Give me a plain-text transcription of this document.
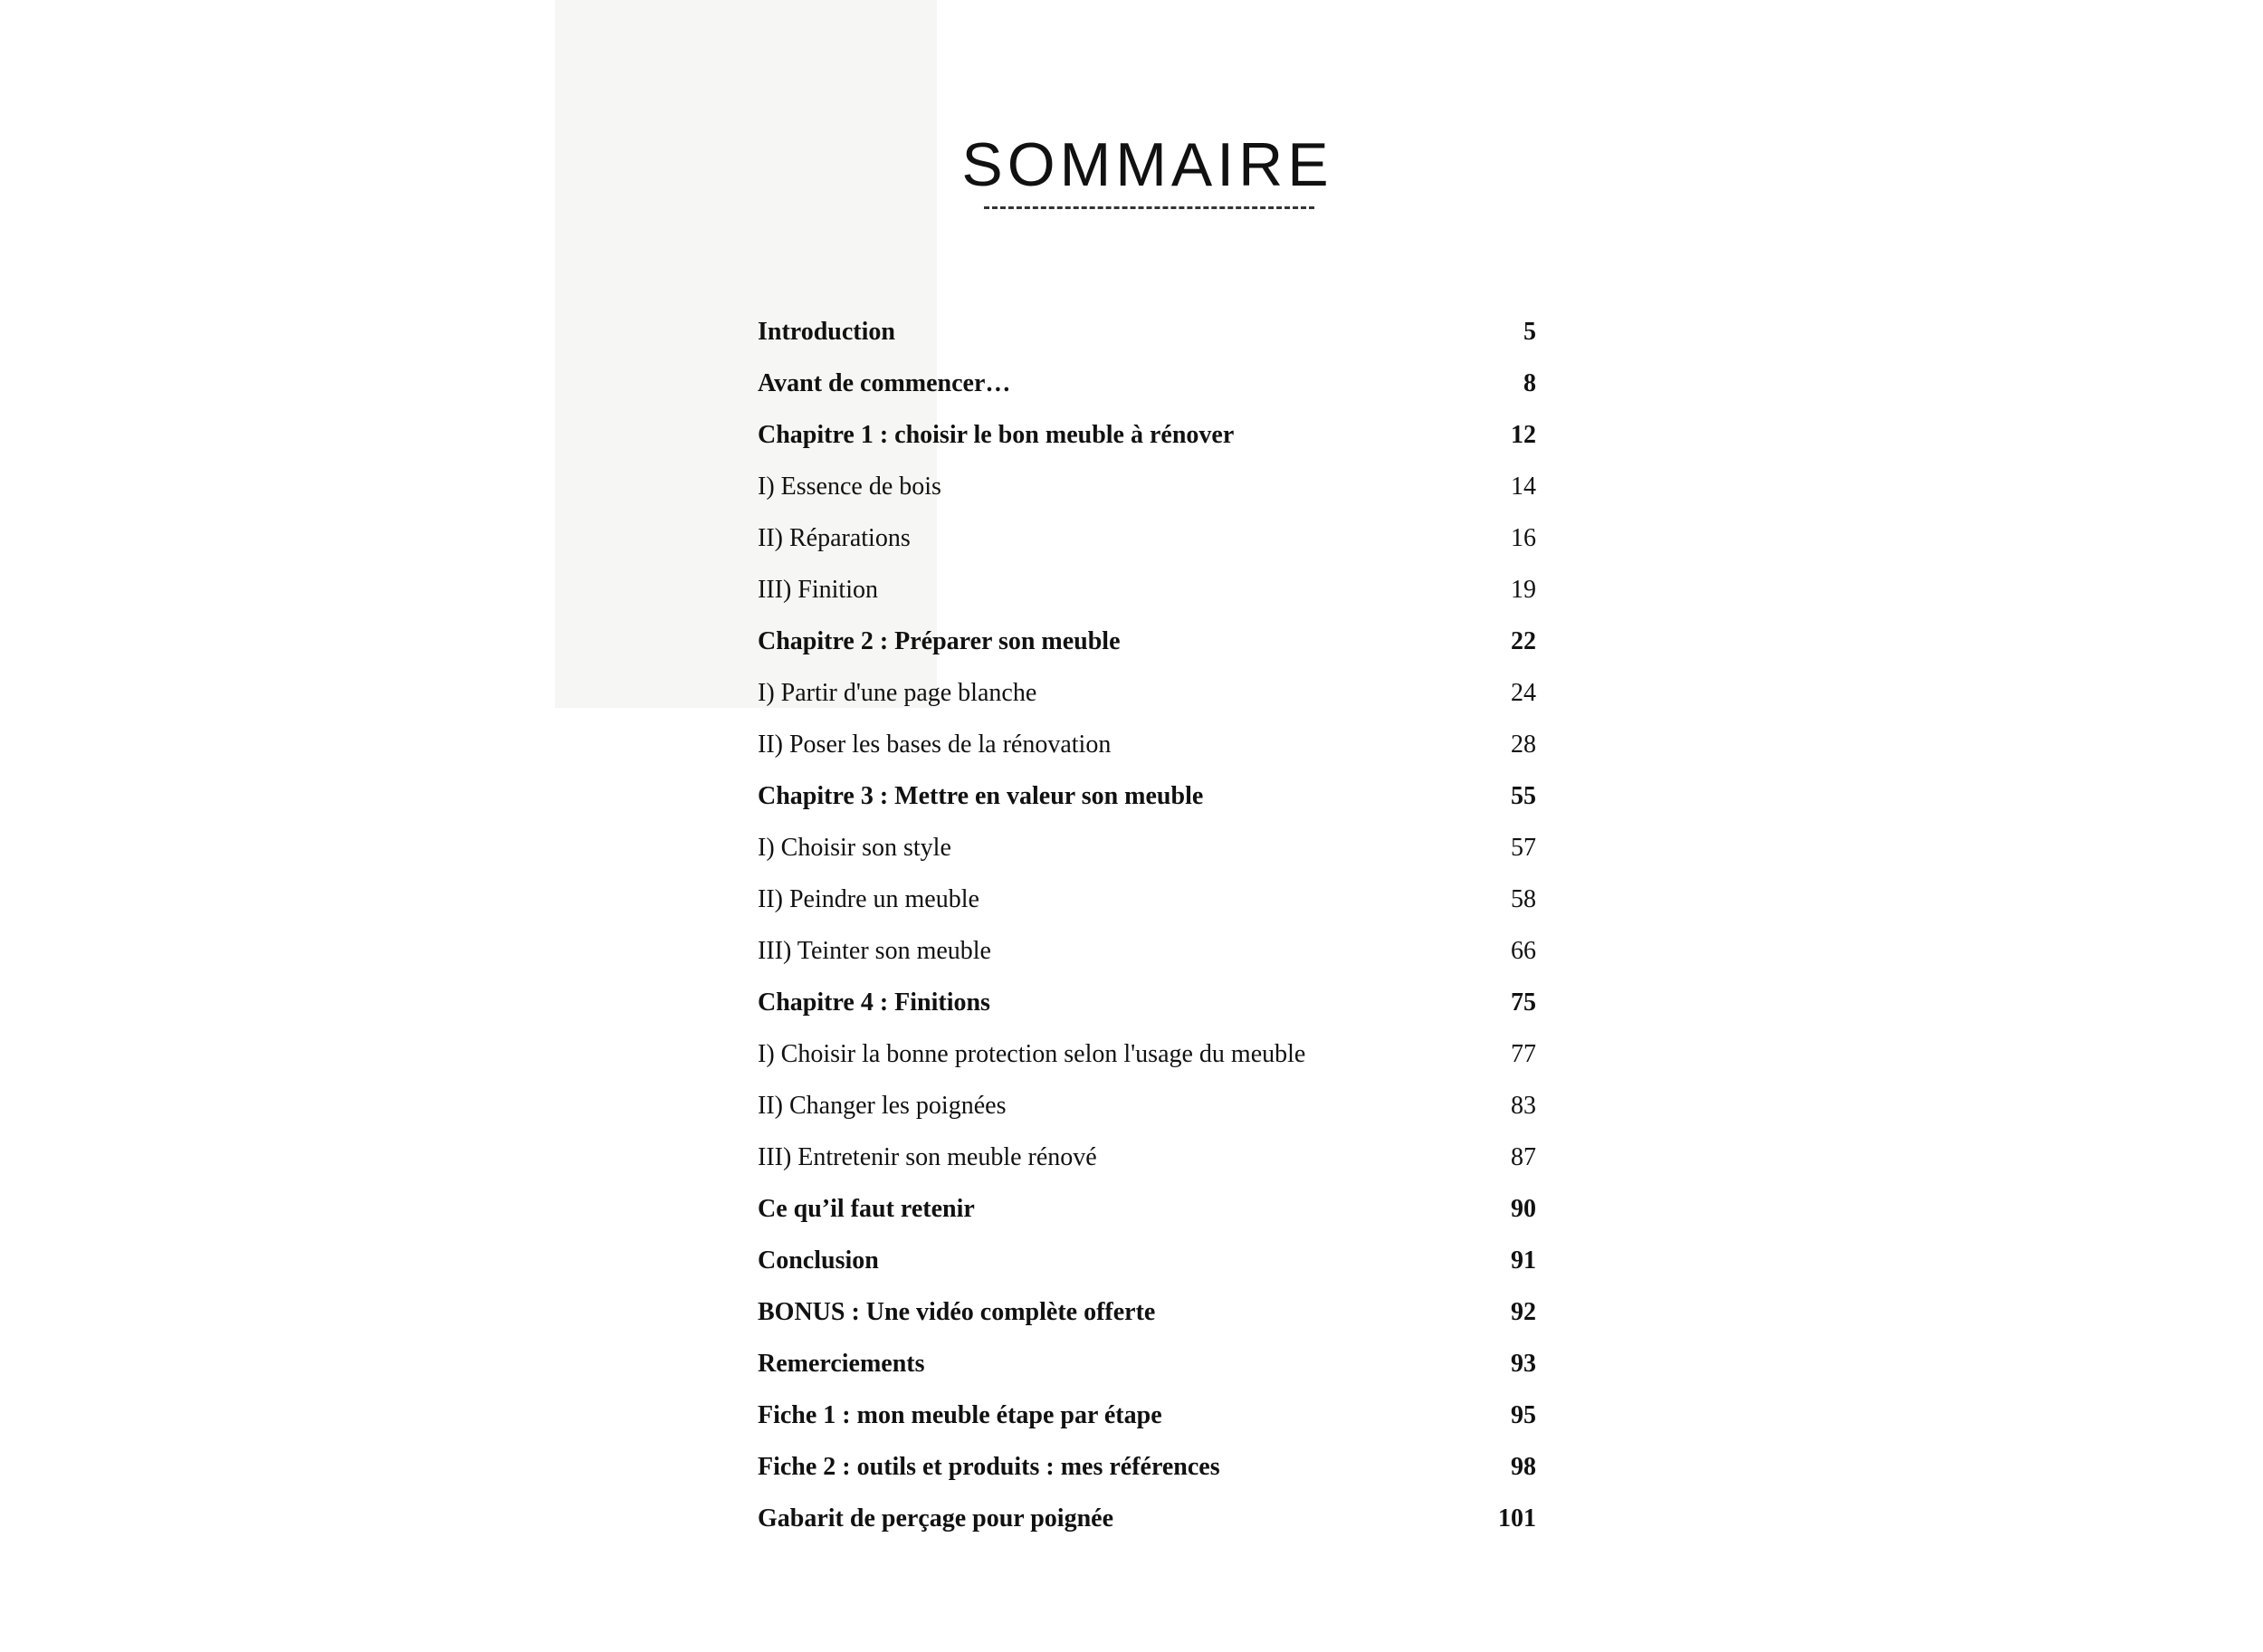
SOMMAIRE
Introduction	5
Avant de commencer…	8
Chapitre 1 : choisir le bon meuble à rénover	12
I) Essence de bois	14
II) Réparations	16
III) Finition	19
Chapitre 2 : Préparer son meuble	22
I) Partir d'une page blanche	24
II) Poser les bases de la rénovation	28
Chapitre 3 : Mettre en valeur son meuble	55
I) Choisir son style	57
II) Peindre un meuble	58
III) Teinter son meuble	66
Chapitre 4 : Finitions	75
I) Choisir la bonne protection selon l'usage du meuble	77
II) Changer les poignées	83
III) Entretenir son meuble rénové	87
Ce qu’il faut retenir	90
Conclusion	91
BONUS : Une vidéo complète offerte	92
Remerciements	93
Fiche 1 : mon meuble étape par étape	95
Fiche 2 : outils et produits : mes références	98
Gabarit de perçage pour poignée	101
